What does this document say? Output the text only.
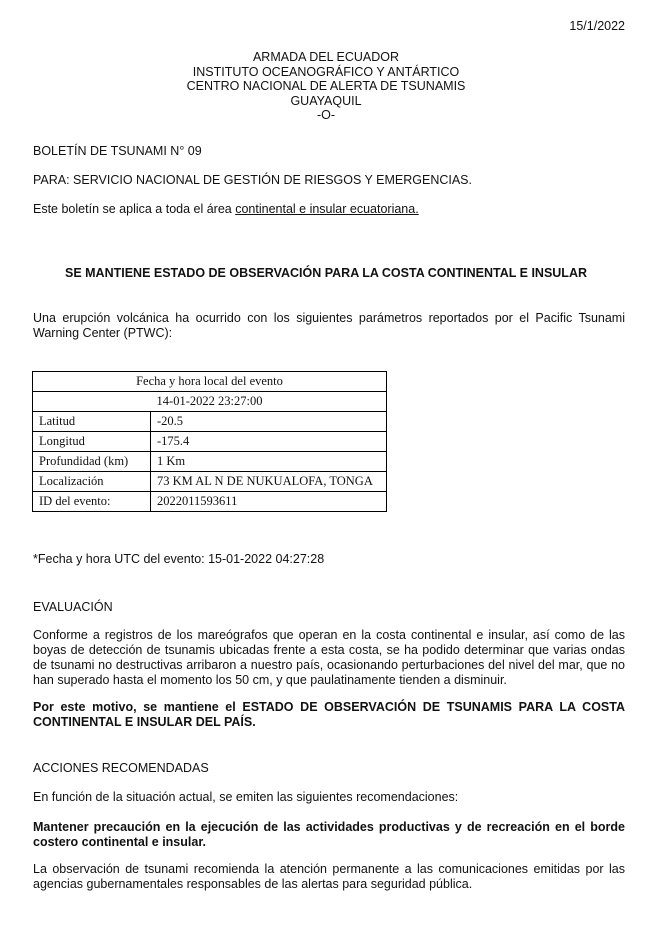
15/1/2022
ARMADA DEL ECUADOR
INSTITUTO OCEANOGRÁFICO Y ANTÁRTICO
CENTRO NACIONAL DE ALERTA DE TSUNAMIS
GUAYAQUIL
-O-
BOLETÍN DE TSUNAMI N° 09
PARA: SERVICIO NACIONAL DE GESTIÓN DE RIESGOS Y EMERGENCIAS.
Este boletín se aplica a toda el área continental e insular ecuatoriana.
SE MANTIENE ESTADO DE OBSERVACIÓN PARA LA COSTA CONTINENTAL E INSULAR
Una erupción volcánica ha ocurrido con los siguientes parámetros reportados por el Pacific Tsunami Warning Center (PTWC):
Fecha y hora local del evento	
14-01-2022 23:27:00	
Latitud	-20.5
Longitud	-175.4
Profundidad (km)	1 Km
Localización	73 KM AL N DE NUKUALOFA, TONGA
ID del evento:	2022011593611
*Fecha y hora UTC del evento: 15-01-2022 04:27:28
EVALUACIÓN
Conforme a registros de los mareógrafos que operan en la costa continental e insular, así como de las boyas de detección de tsunamis ubicadas frente a esta costa, se ha podido determinar que varias ondas de tsunami no destructivas arribaron a nuestro país, ocasionando perturbaciones del nivel del mar, que no han superado hasta el momento los 50 cm, y que paulatinamente tienden a disminuir.
Por este motivo, se mantiene el ESTADO DE OBSERVACIÓN DE TSUNAMIS PARA LA COSTA CONTINENTAL E INSULAR DEL PAÍS.
ACCIONES RECOMENDADAS
En función de la situación actual, se emiten las siguientes recomendaciones:
Mantener precaución en la ejecución de las actividades productivas y de recreación en el borde costero continental e insular.
La observación de tsunami recomienda la atención permanente a las comunicaciones emitidas por las agencias gubernamentales responsables de las alertas para seguridad pública.
